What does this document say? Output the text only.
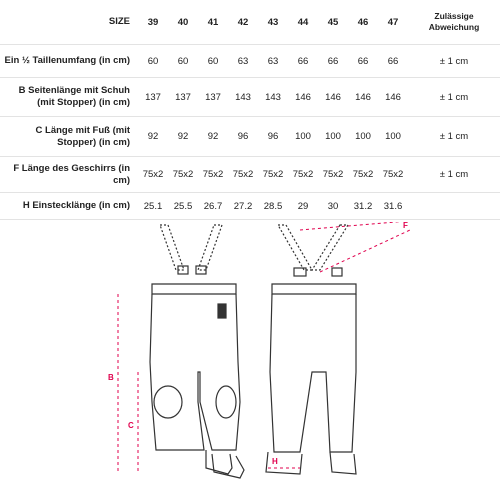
SIZE	39	40	41	42	43	44	45	46	47	Zulässige
Abweichung
Ein ½ Taillenumfang (in cm)	60	60	60	63	63	66	66	66	66	± 1 cm
B Seitenlänge mit Schuh
(mit Stopper) (in cm)	137	137	137	143	143	146	146	146	146	± 1 cm
C Länge mit Fuß (mit
Stopper) (in cm)	92	92	92	96	96	100	100	100	100	± 1 cm
F Länge des Geschirrs (in
cm)	75x2	75x2	75x2	75x2	75x2	75x2	75x2	75x2	75x2	± 1 cm
H Einstecklänge (in cm)	25.1	25.5	26.7	27.2	28.5	29	30	31.2	31.6	
B
C
F
H
